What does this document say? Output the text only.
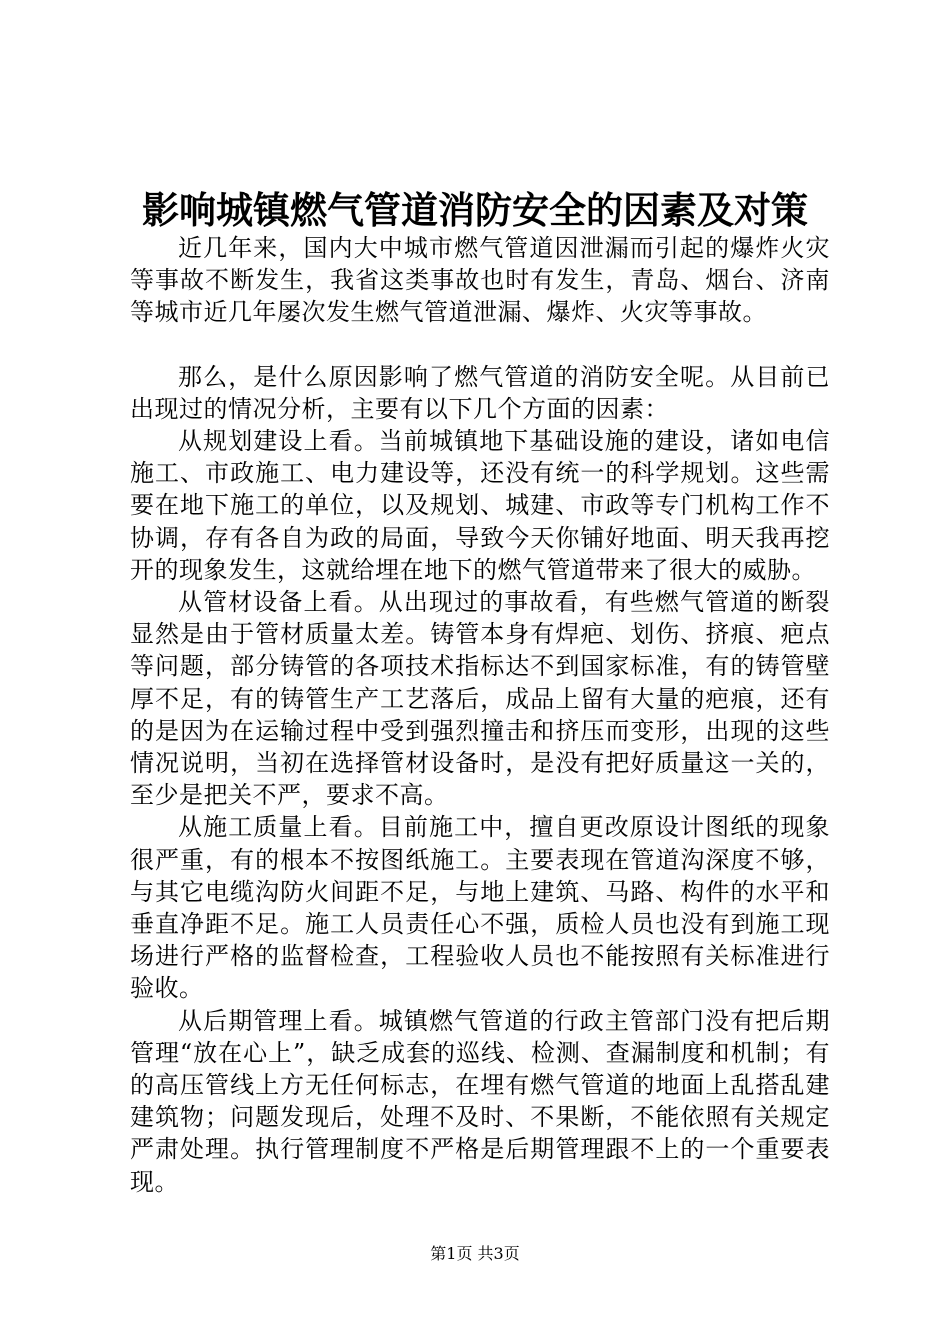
影响城镇燃气管道消防安全的因素及对策

近几年来，国内大中城市燃气管道因泄漏而引起的爆炸火灾等事故不断发生，我省这类事故也时有发生，青岛、烟台、济南等城市近几年屡次发生燃气管道泄漏、爆炸、火灾等事故。

那么，是什么原因影响了燃气管道的消防安全呢。从目前已出现过的情况分析，主要有以下几个方面的因素：

从规划建设上看。当前城镇地下基础设施的建设，诸如电信施工、市政施工、电力建设等，还没有统一的科学规划。这些需要在地下施工的单位，以及规划、城建、市政等专门机构工作不协调，存有各自为政的局面，导致今天你铺好地面、明天我再挖开的现象发生，这就给埋在地下的燃气管道带来了很大的威胁。

从管材设备上看。从出现过的事故看，有些燃气管道的断裂显然是由于管材质量太差。铸管本身有焊疤、划伤、挤痕、疤点等问题，部分铸管的各项技术指标达不到国家标准，有的铸管壁厚不足，有的铸管生产工艺落后，成品上留有大量的疤痕，还有的是因为在运输过程中受到强烈撞击和挤压而变形，出现的这些情况说明，当初在选择管材设备时，是没有把好质量这一关的，至少是把关不严，要求不高。

从施工质量上看。目前施工中，擅自更改原设计图纸的现象很严重，有的根本不按图纸施工。主要表现在管道沟深度不够，与其它电缆沟防火间距不足，与地上建筑、马路、构件的水平和垂直净距不足。施工人员责任心不强，质检人员也没有到施工现场进行严格的监督检查，工程验收人员也不能按照有关标准进行验收。

从后期管理上看。城镇燃气管道的行政主管部门没有把后期管理“放在心上”，缺乏成套的巡线、检测、查漏制度和机制；有的高压管线上方无任何标志，在埋有燃气管道的地面上乱搭乱建建筑物；问题发现后，处理不及时、不果断，不能依照有关规定严肃处理。执行管理制度不严格是后期管理跟不上的一个重要表现。

第1页 共3页
